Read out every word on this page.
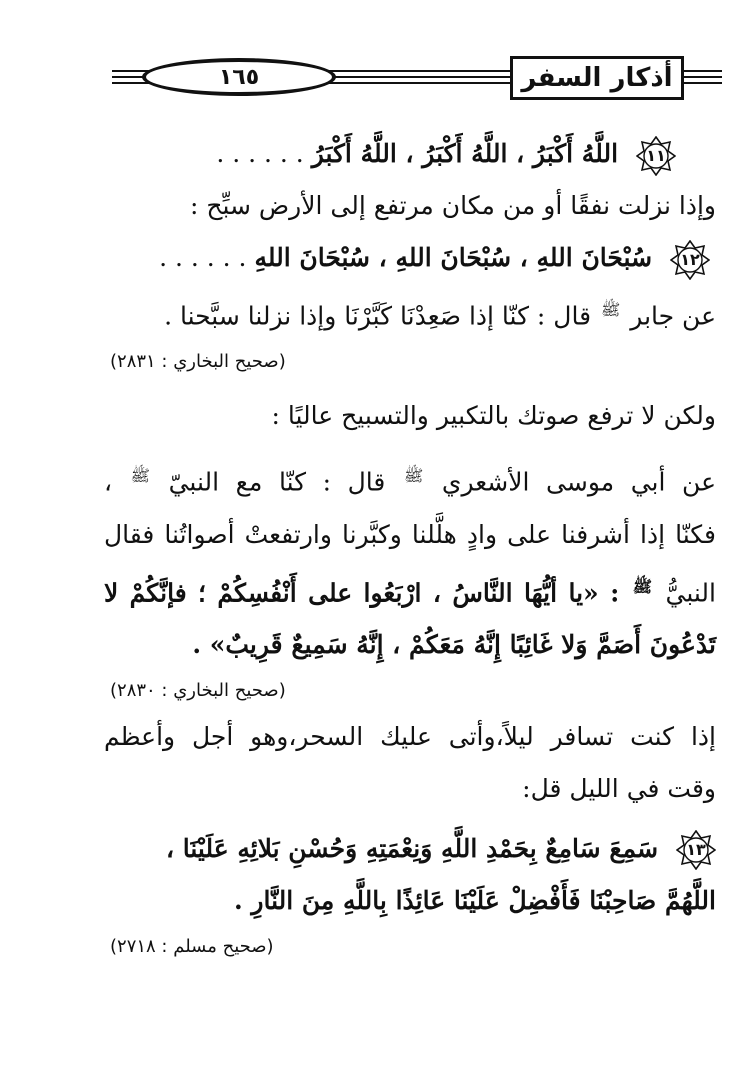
١٦٥	أذكار السفر
١١
اللَّهُ أَكْبَرُ ، اللَّهُ أَكْبَرُ ، اللَّهُ أَكْبَرُ . . . . . .
وإذا نزلت نفقًا أو من مكان مرتفع إلى الأرض سبِّح :
١٢
سُبْحَانَ اللهِ ، سُبْحَانَ اللهِ ، سُبْحَانَ اللهِ . . . . . .
عن جابر $^ﷺ$ قال : كنّا إذا صَعِدْنَا كَبَّرْنَا وإذا نزلنا سبَّحنا .
(صحيح البخاري : ٢٨٣١)
ولكن لا ترفع صوتك بالتكبير والتسبيح عاليًا :
عن أبي موسى الأشعري $^ﷺ$ قال : كنّا مع النبيّ $^ﷺ$ ،
فكنّا إذا أشرفنا على وادٍ هلَّلنا وكبَّرنا وارتفعتْ أصواتُنا فقال
النبيُّ $^ﷺ$ : «يا أيُّهَا النَّاسُ ، ارْبَعُوا على أَنْفُسِكُمْ ؛ فإنَّكُمْ لا
تَدْعُونَ أَصَمَّ وَلا غَائِبًا إِنَّهُ مَعَكُمْ ، إِنَّهُ سَمِيعٌ قَرِيبٌ» .
(صحيح البخاري : ٢٨٣٠)
إذا كنت تسافر ليلاً،وأتى عليك السحر،وهو أجل وأعظم
وقت في الليل قل:
١٣
سَمِعَ سَامِعٌ بِحَمْدِ اللَّهِ وَنِعْمَتِهِ وَحُسْنِ بَلائِهِ عَلَيْنَا ،
اللَّهُمَّ صَاحِبْنَا فَأَفْضِلْ عَلَيْنَا عَائِذًا بِاللَّهِ مِنَ النَّارِ .
(صحيح مسلم : ٢٧١٨)
